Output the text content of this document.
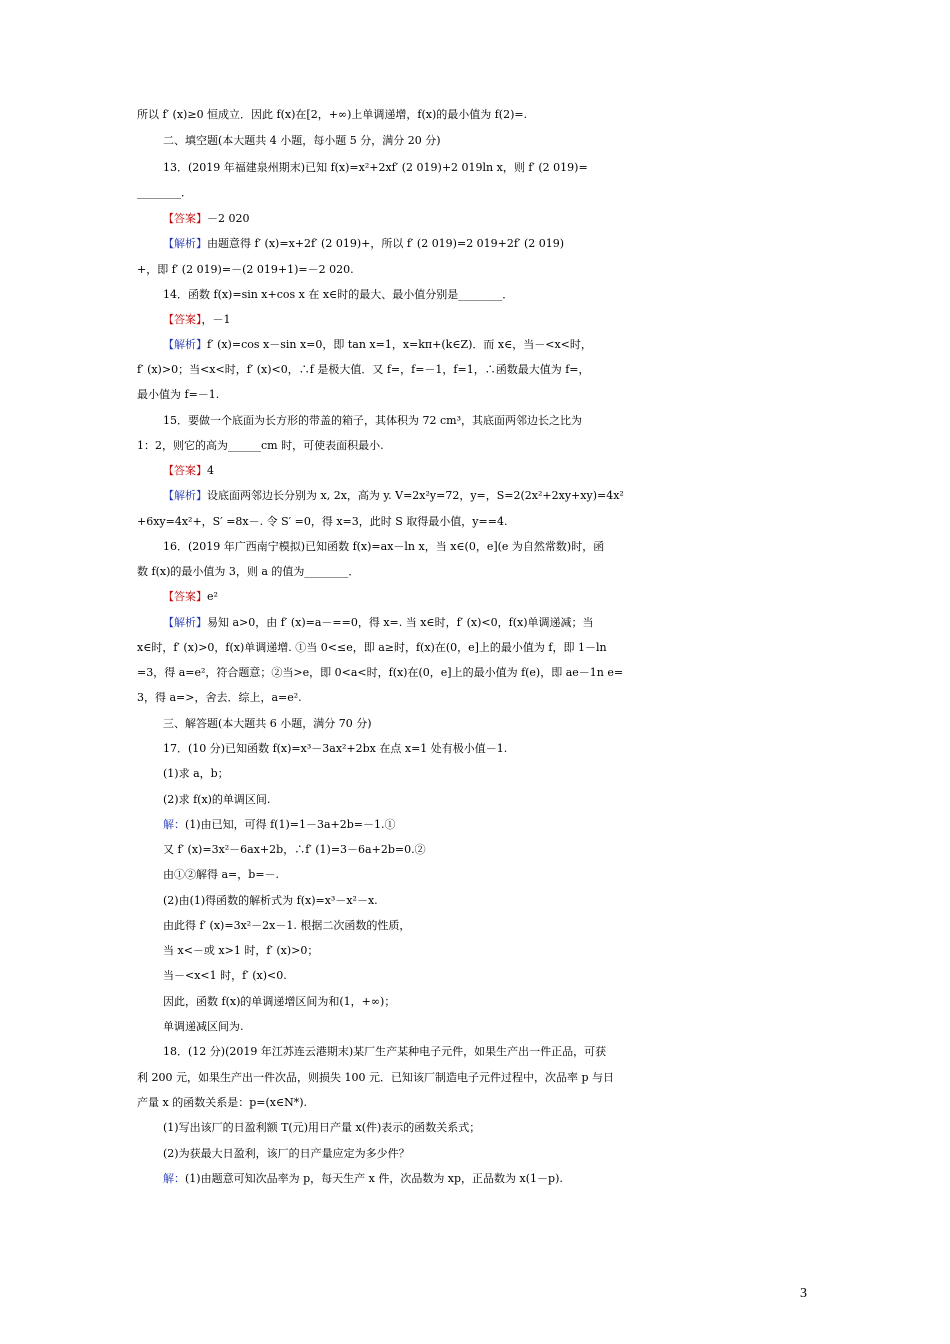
所以 f′ (x)≥0 恒成立．因此 f(x)在[2，+∞)上单调递增，f(x)的最小值为 f(2)=.
二、填空题(本大题共 4 小题，每小题 5 分，满分 20 分)
13．(2019 年福建泉州期末)已知 f(x)=x²+2xf′ (2 019)+2 019ln x，则 f′ (2 019)=
________．
【答案】－2 020
【解析】由题意得 f′ (x)=x+2f′ (2 019)+，所以 f′ (2 019)=2 019+2f′ (2 019)
+，即 f′ (2 019)=－(2 019+1)=－2 020.
14．函数 f(x)=sin x+cos x 在 x∈时的最大、最小值分别是________．
【答案】，－1
【解析】f′ (x)=cos x－sin x=0，即 tan x=1，x=kπ+(k∈Z)．而 x∈，当－<x<时，
f′ (x)>0；当<x<时，f′ (x)<0，∴f 是极大值．又 f=，f=－1，f=1，∴函数最大值为 f=，
最小值为 f=－1.
15．要做一个底面为长方形的带盖的箱子，其体积为 72 cm³，其底面两邻边长之比为
1：2，则它的高为______cm 时，可使表面积最小.
【答案】4
【解析】设底面两邻边长分别为 x, 2x，高为 y. V=2x²y=72，y=，S=2(2x²+2xy+xy)=4x²
+6xy=4x²+，S′ =8x－. 令 S′ =0，得 x=3，此时 S 取得最小值，y==4.
16．(2019 年广西南宁模拟)已知函数 f(x)=ax－ln x，当 x∈(0，e](e 为自然常数)时，函
数 f(x)的最小值为 3，则 a 的值为________．
【答案】e²
【解析】易知 a>0，由 f′ (x)=a－==0，得 x=. 当 x∈时，f′ (x)<0，f(x)单调递减；当
x∈时，f′ (x)>0，f(x)单调递增. ①当 0<≤e，即 a≥时，f(x)在(0，e]上的最小值为 f，即 1－ln
=3，得 a=e²，符合题意；②当>e，即 0<a<时，f(x)在(0，e]上的最小值为 f(e)，即 ae－1n e=
3，得 a=>，舍去．综上，a=e².
三、解答题(本大题共 6 小题，满分 70 分)
17．(10 分)已知函数 f(x)=x³－3ax²+2bx 在点 x=1 处有极小值－1.
(1)求 a，b；
(2)求 f(x)的单调区间.
解：(1)由已知，可得 f(1)=1－3a+2b=－1.①
又 f′ (x)=3x²－6ax+2b，∴f′ (1)=3－6a+2b=0.②
由①②解得 a=，b=－.
(2)由(1)得函数的解析式为 f(x)=x³－x²－x.
由此得 f′ (x)=3x²－2x－1. 根据二次函数的性质，
当 x<－或 x>1 时，f′ (x)>0；
当－<x<1 时，f′ (x)<0.
因此，函数 f(x)的单调递增区间为和(1，+∞)；
单调递减区间为.
18．(12 分)(2019 年江苏连云港期末)某厂生产某种电子元件，如果生产出一件正品，可获
利 200 元，如果生产出一件次品，则损失 100 元．已知该厂制造电子元件过程中，次品率 p 与日
产量 x 的函数关系是：p=(x∈N*).
(1)写出该厂的日盈利额 T(元)用日产量 x(件)表示的函数关系式；
(2)为获最大日盈利，该厂的日产量应定为多少件？
解：(1)由题意可知次品率为 p，每天生产 x 件，次品数为 xp，正品数为 x(1－p).
3
